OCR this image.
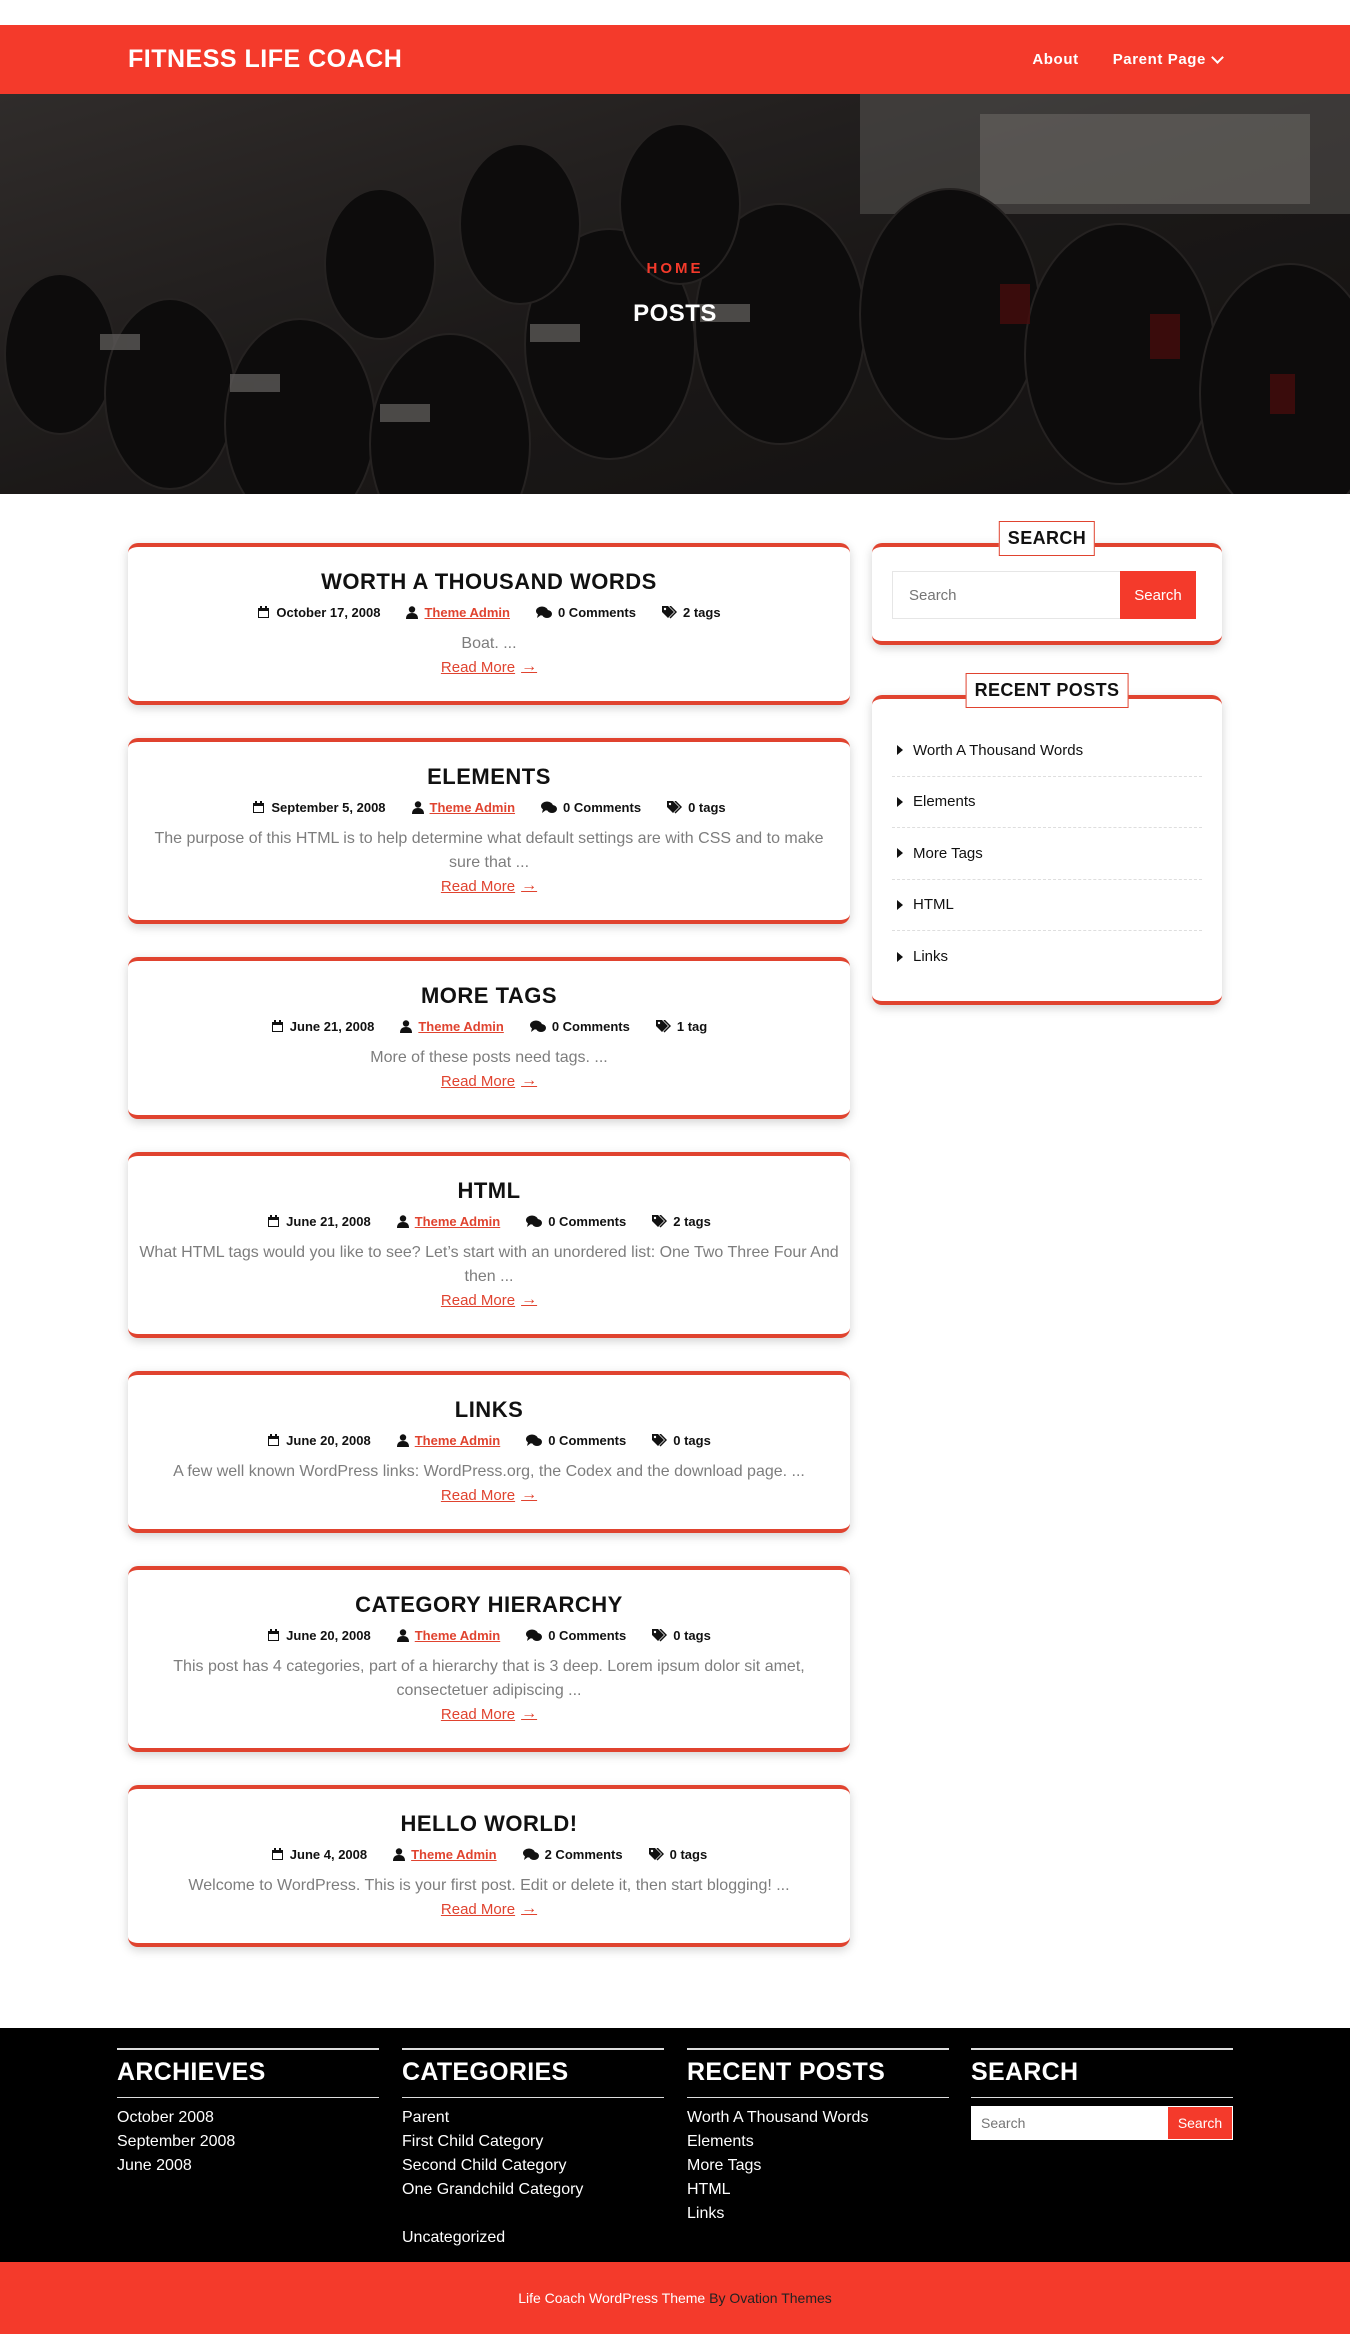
FITNESS LIFE COACH	About Parent Page
HOME
POSTS
WORTH A THOUSAND WORDS
October 17, 2008	Theme Admin	0 Comments	2 tags
Boat. ...
Read More →
ELEMENTS
September 5, 2008	Theme Admin	0 Comments	0 tags
The purpose of this HTML is to help determine what default settings are with CSS and to make sure that ...
Read More →
MORE TAGS
June 21, 2008	Theme Admin	0 Comments	1 tag
More of these posts need tags. ...
Read More →
HTML
June 21, 2008	Theme Admin	0 Comments	2 tags
What HTML tags would you like to see? Let’s start with an unordered list: One Two Three Four And then ...
Read More →
LINKS
June 20, 2008	Theme Admin	0 Comments	0 tags
A few well known WordPress links: WordPress.org, the Codex and the download page. ...
Read More →
CATEGORY HIERARCHY
June 20, 2008	Theme Admin	0 Comments	0 tags
This post has 4 categories, part of a hierarchy that is 3 deep. Lorem ipsum dolor sit amet, consectetuer adipiscing ...
Read More →
HELLO WORLD!
June 4, 2008	Theme Admin	2 Comments	0 tags
Welcome to WordPress. This is your first post. Edit or delete it, then start blogging! ...
Read More →
SEARCH
Search
Search
RECENT POSTS
Worth A Thousand Words
Elements
More Tags
HTML
Links
ARCHIEVES
October 2008
September 2008
June 2008
CATEGORIES
Parent
First Child Category
Second Child Category
One Grandchild Category
Uncategorized
RECENT POSTS
Worth A Thousand Words
Elements
More Tags
HTML
Links
SEARCH
Search
Search
Life Coach WordPress Theme By Ovation Themes
